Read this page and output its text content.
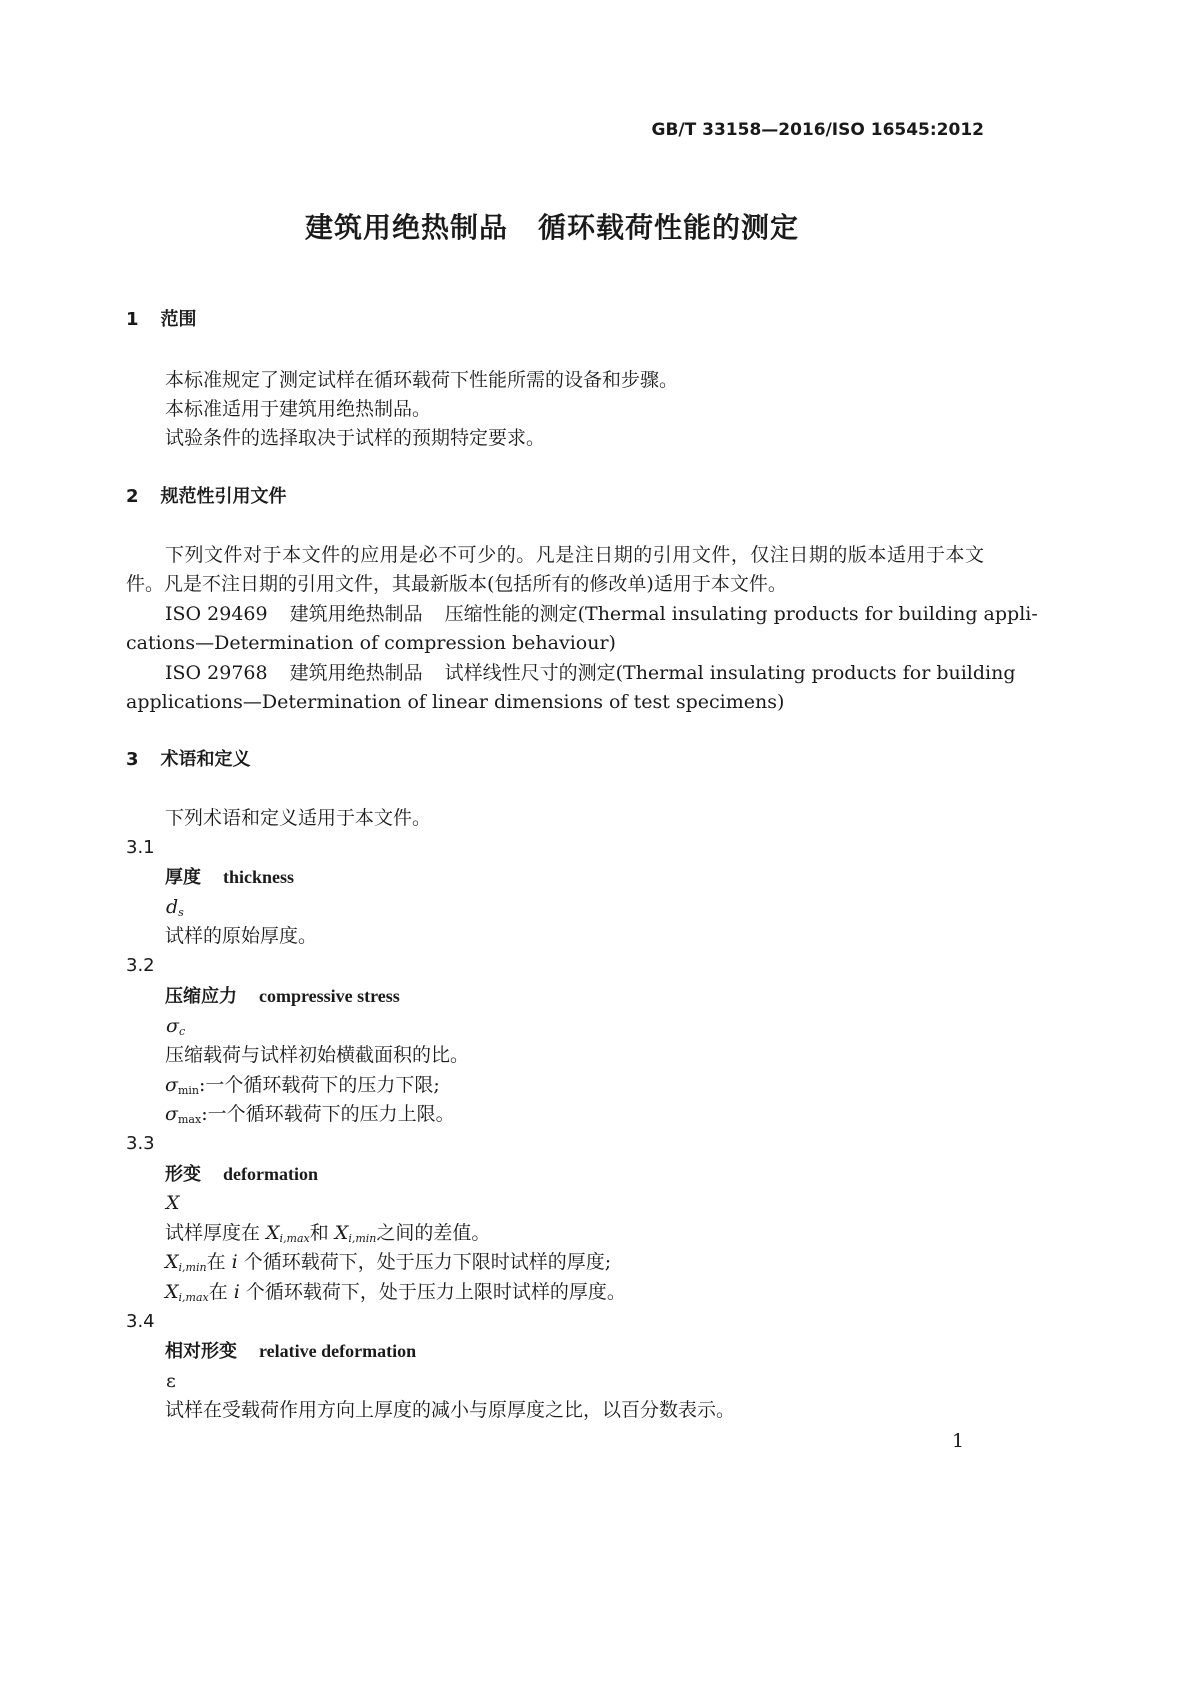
GB/T 33158—2016/ISO 16545:2012
建筑用绝热制品 循环载荷性能的测定
1 范围
本标准规定了测定试样在循环载荷下性能所需的设备和步骤。
本标准适用于建筑用绝热制品。
试验条件的选择取决于试样的预期特定要求。
2 规范性引用文件
下列文件对于本文件的应用是必不可少的。凡是注日期的引用文件，仅注日期的版本适用于本文
件。凡是不注日期的引用文件，其最新版本(包括所有的修改单)适用于本文件。
ISO 29469 建筑用绝热制品 压缩性能的测定(Thermal insulating products for building appli-
cations—Determination of compression behaviour)
ISO 29768 建筑用绝热制品 试样线性尺寸的测定(Thermal insulating products for building
applications—Determination of linear dimensions of test specimens)
3 术语和定义
下列术语和定义适用于本文件。
3.1
厚度 thickness
$d_s$
试样的原始厚度。
3.2
压缩应力 compressive stress
$\sigma_c$
压缩载荷与试样初始横截面积的比。
$\sigma_{min}$:一个循环载荷下的压力下限;
$\sigma_{max}$:一个循环载荷下的压力上限。
3.3
形变 deformation
X
试样厚度在 $X_{i,max}$和 $X_{i,min}$之间的差值。
$X_{i,min}$在 i 个循环载荷下，处于压力下限时试样的厚度;
$X_{i,max}$在 i 个循环载荷下，处于压力上限时试样的厚度。
3.4
相对形变 relative deformation
ε
试样在受载荷作用方向上厚度的减小与原厚度之比，以百分数表示。
1
